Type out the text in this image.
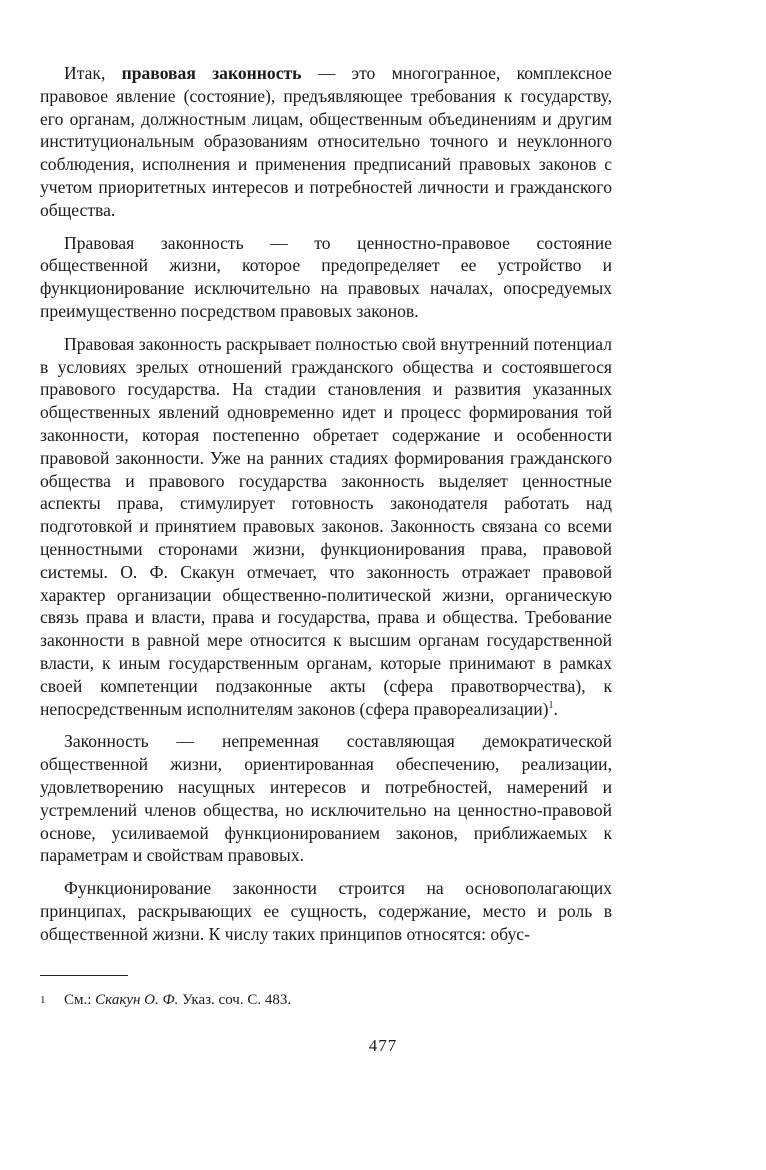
Итак, правовая законность — это многогранное, комплексное правовое явление (состояние), предъявляющее требования к государству, его органам, должностным лицам, общественным объединениям и другим институциональным образованиям относительно точного и неуклонного соблюдения, исполнения и применения предписаний правовых законов с учетом приоритетных интересов и потребностей личности и гражданского общества.

Правовая законность — то ценностно-правовое состояние общественной жизни, которое предопределяет ее устройство и функционирование исключительно на правовых началах, опосредуемых преимущественно посредством правовых законов.

Правовая законность раскрывает полностью свой внутренний потенциал в условиях зрелых отношений гражданского общества и состоявшегося правового государства. На стадии становления и развития указанных общественных явлений одновременно идет и процесс формирования той законности, которая постепенно обретает содержание и особенности правовой законности. Уже на ранних стадиях формирования гражданского общества и правового государства законность выделяет ценностные аспекты права, стимулирует готовность законодателя работать над подготовкой и принятием правовых законов. Законность связана со всеми ценностными сторонами жизни, функционирования права, правовой системы. О. Ф. Скакун отмечает, что законность отражает правовой характер организации общественно-политической жизни, органическую связь права и власти, права и государства, права и общества. Требование законности в равной мере относится к высшим органам государственной власти, к иным государственным органам, которые принимают в рамках своей компетенции подзаконные акты (сфера правотворчества), к непосредственным исполнителям законов (сфера правореализации)$^1$.

Законность — непременная составляющая демократической общественной жизни, ориентированная обеспечению, реализации, удовлетворению насущных интересов и потребностей, намерений и устремлений членов общества, но исключительно на ценностно-правовой основе, усиливаемой функционированием законов, приближаемых к параметрам и свойствам правовых.

Функционирование законности строится на основополагающих принципах, раскрывающих ее сущность, содержание, место и роль в общественной жизни. К числу таких принципов относятся: обус-

1 См.: Скакун О. Ф. Указ. соч. С. 483.
477
